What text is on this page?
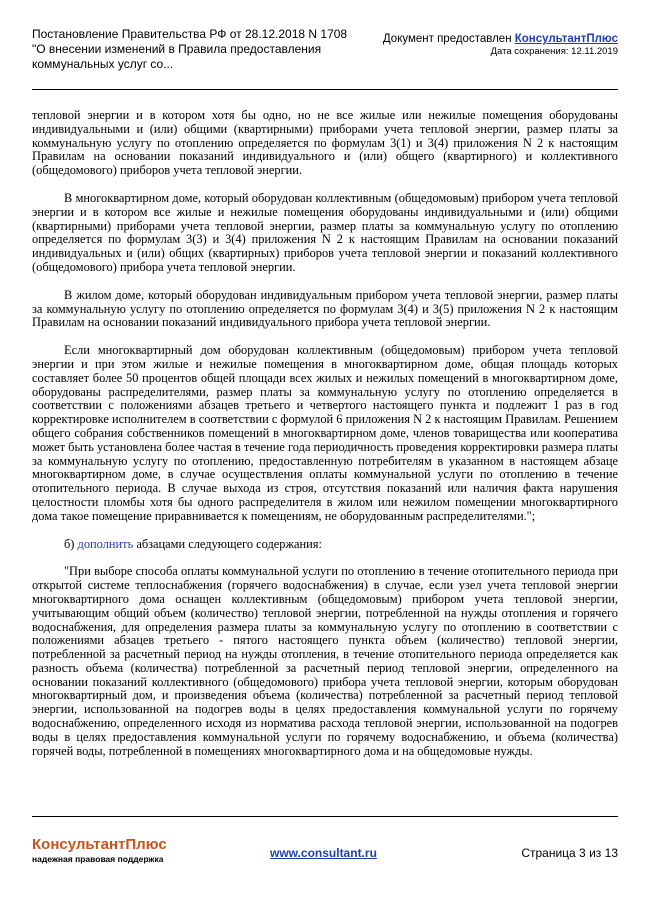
Постановление Правительства РФ от 28.12.2018 N 1708
"О внесении изменений в Правила предоставления
коммунальных услуг со...
Документ предоставлен КонсультантПлюс
Дата сохранения: 12.11.2019

тепловой энергии и в котором хотя бы одно, но не все жилые или нежилые помещения оборудованы индивидуальными и (или) общими (квартирными) приборами учета тепловой энергии, размер платы за коммунальную услугу по отоплению определяется по формулам 3(1) и 3(4) приложения N 2 к настоящим Правилам на основании показаний индивидуального и (или) общего (квартирного) и коллективного (общедомового) приборов учета тепловой энергии.

В многоквартирном доме, который оборудован коллективным (общедомовым) прибором учета тепловой энергии и в котором все жилые и нежилые помещения оборудованы индивидуальными и (или) общими (квартирными) приборами учета тепловой энергии, размер платы за коммунальную услугу по отоплению определяется по формулам 3(3) и 3(4) приложения N 2 к настоящим Правилам на основании показаний индивидуальных и (или) общих (квартирных) приборов учета тепловой энергии и показаний коллективного (общедомового) прибора учета тепловой энергии.

В жилом доме, который оборудован индивидуальным прибором учета тепловой энергии, размер платы за коммунальную услугу по отоплению определяется по формулам 3(4) и 3(5) приложения N 2 к настоящим Правилам на основании показаний индивидуального прибора учета тепловой энергии.

Если многоквартирный дом оборудован коллективным (общедомовым) прибором учета тепловой энергии и при этом жилые и нежилые помещения в многоквартирном доме, общая площадь которых составляет более 50 процентов общей площади всех жилых и нежилых помещений в многоквартирном доме, оборудованы распределителями, размер платы за коммунальную услугу по отоплению определяется в соответствии с положениями абзацев третьего и четвертого настоящего пункта и подлежит 1 раз в год корректировке исполнителем в соответствии с формулой 6 приложения N 2 к настоящим Правилам. Решением общего собрания собственников помещений в многоквартирном доме, членов товарищества или кооператива может быть установлена более частая в течение года периодичность проведения корректировки размера платы за коммунальную услугу по отоплению, предоставленную потребителям в указанном в настоящем абзаце многоквартирном доме, в случае осуществления оплаты коммунальной услуги по отоплению в течение отопительного периода. В случае выхода из строя, отсутствия показаний или наличия факта нарушения целостности пломбы хотя бы одного распределителя в жилом или нежилом помещении многоквартирного дома такое помещение приравнивается к помещениям, не оборудованным распределителями.";

б) дополнить абзацами следующего содержания:

"При выборе способа оплаты коммунальной услуги по отоплению в течение отопительного периода при открытой системе теплоснабжения (горячего водоснабжения) в случае, если узел учета тепловой энергии многоквартирного дома оснащен коллективным (общедомовым) прибором учета тепловой энергии, учитывающим общий объем (количество) тепловой энергии, потребленной на нужды отопления и горячего водоснабжения, для определения размера платы за коммунальную услугу по отоплению в соответствии с положениями абзацев третьего - пятого настоящего пункта объем (количество) тепловой энергии, потребленной за расчетный период на нужды отопления, в течение отопительного периода определяется как разность объема (количества) потребленной за расчетный период тепловой энергии, определенного на основании показаний коллективного (общедомового) прибора учета тепловой энергии, которым оборудован многоквартирный дом, и произведения объема (количества) потребленной за расчетный период тепловой энергии, использованной на подогрев воды в целях предоставления коммунальной услуги по горячему водоснабжению, определенного исходя из норматива расхода тепловой энергии, использованной на подогрев воды в целях предоставления коммунальной услуги по горячему водоснабжению, и объема (количества) горячей воды, потребленной в помещениях многоквартирного дома и на общедомовые нужды.

КонсультантПлюс
надежная правовая поддержка	www.consultant.ru	Страница 3 из 13
